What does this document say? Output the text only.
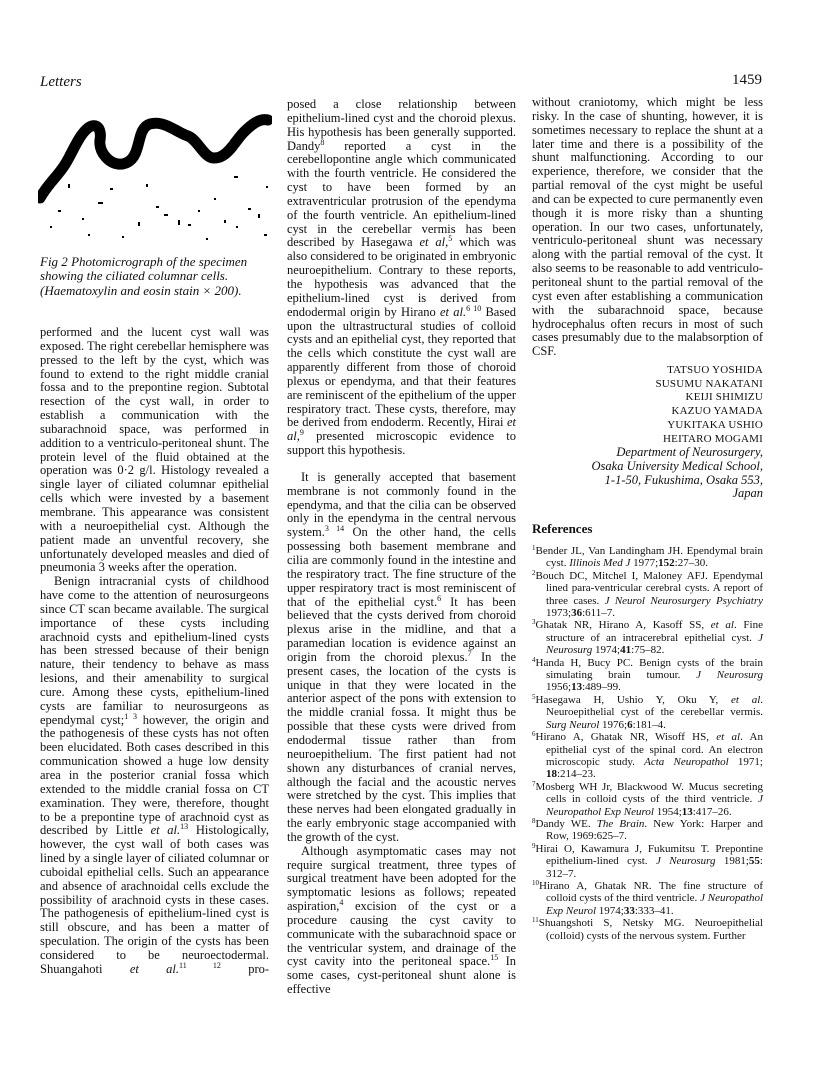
Letters	1459
Fig 2 Photomicrograph of the specimen showing the ciliated columnar cells. (Haematoxylin and eosin stain × 200).

performed and the lucent cyst wall was exposed. The right cerebellar hemisphere was pressed to the left by the cyst, which was found to extend to the right middle cranial fossa and to the prepontine region. Subtotal resection of the cyst wall, in order to establish a communication with the subarachnoid space, was performed in addition to a ventriculo-peritoneal shunt. The protein level of the fluid obtained at the operation was 0·2 g/l. Histology revealed a single layer of ciliated columnar epithelial cells which were invested by a basement membrane. This appearance was consistent with a neuroepithelial cyst. Although the patient made an unventful recovery, she unfortunately developed measles and died of pneumonia 3 weeks after the operation.

Benign intracranial cysts of childhood have come to the attention of neurosurgeons since CT scan became available. The surgical importance of these cysts including arachnoid cysts and epithelium-lined cysts has been stressed because of their benign nature, their tendency to behave as mass lesions, and their amenability to surgical cure. Among these cysts, epithelium-lined cysts are familiar to neurosurgeons as ependymal cyst;$^{1 3}$ however, the origin and the pathogenesis of these cysts has not often been elucidated. Both cases described in this communication showed a huge low density area in the posterior cranial fossa which extended to the middle cranial fossa on CT examination. They were, therefore, thought to be a prepontine type of arachnoid cyst as described by Little et al.$^{13}$ Histologically, however, the cyst wall of both cases was lined by a single layer of ciliated columnar or cuboidal epithelial cells. Such an appearance and absence of arachnoidal cells exclude the possibility of arachnoid cysts in these cases. The pathogenesis of epithelium-lined cyst is still obscure, and has been a matter of speculation. The origin of the cysts has been considered to be neuroectodermal. Shuangahoti et al.$^{11 12}$ pro-

posed a close relationship between epithelium-lined cyst and the choroid plexus. His hypothesis has been generally supported. Dandy$^8$ reported a cyst in the cerebellopontine angle which communicated with the fourth ventricle. He considered the cyst to have been formed by an extraventricular protrusion of the ependyma of the fourth ventricle. An epithelium-lined cyst in the cerebellar vermis has been described by Hasegawa et al,$^5$ which was also considered to be originated in embryonic neuroepithelium. Contrary to these reports, the hypothesis was advanced that the epithelium-lined cyst is derived from endodermal origin by Hirano et al.$^{6 10}$ Based upon the ultrastructural studies of colloid cysts and an epithelial cyst, they reported that the cells which constitute the cyst wall are apparently different from those of choroid plexus or ependyma, and that their features are reminiscent of the epithelium of the upper respiratory tract. These cysts, therefore, may be derived from endoderm. Recently, Hirai et al,$^9$ presented microscopic evidence to support this hypothesis.

It is generally accepted that basement membrane is not commonly found in the ependyma, and that the cilia can be observed only in the ependyma in the central nervous system.$^{3 14}$ On the other hand, the cells possessing both basement membrane and cilia are commonly found in the intestine and the respiratory tract. The fine structure of the upper respiratory tract is most reminiscent of that of the epithelial cyst.$^6$ It has been believed that the cysts derived from choroid plexus arise in the midline, and that a paramedian location is evidence against an origin from the choroid plexus.$^7$ In the present cases, the location of the cysts is unique in that they were located in the anterior aspect of the pons with extension to the middle cranial fossa. It might thus be possible that these cysts were drived from endodermal tissue rather than from neuroepithelium. The first patient had not shown any disturbances of cranial nerves, although the facial and the acoustic nerves were stretched by the cyst. This implies that these nerves had been elongated gradually in the early embryonic stage accompanied with the growth of the cyst.

Although asymptomatic cases may not require surgical treatment, three types of surgical treatment have been adopted for the symptomatic lesions as follows; repeated aspiration,$^4$ excision of the cyst or a procedure causing the cyst cavity to communicate with the subarachnoid space or the ventricular system, and drainage of the cyst cavity into the peritoneal space.$^{15}$ In some cases, cyst-peritoneal shunt alone is effective

without craniotomy, which might be less risky. In the case of shunting, however, it is sometimes necessary to replace the shunt at a later time and there is a possibility of the shunt malfunctioning. According to our experience, therefore, we consider that the partial removal of the cyst might be useful and can be expected to cure permanently even though it is more risky than a shunting operation. In our two cases, unfortunately, ventriculo-peritoneal shunt was necessary along with the partial removal of the cyst. It also seems to be reasonable to add ventriculo-peritoneal shunt to the partial removal of the cyst even after establishing a communication with the subarachnoid space, because hydrocephalus often recurs in most of such cases presumably due to the malabsorption of CSF.

TATSUO YOSHIDA
SUSUMU NAKATANI
KEIJI SHIMIZU
KAZUO YAMADA
YUKITAKA USHIO
HEITARO MOGAMI
Department of Neurosurgery,
Osaka University Medical School,
1-1-50, Fukushima, Osaka 553,
Japan
References

$^1$Bender JL, Van Landingham JH. Ependymal brain cyst. Illinois Med J 1977;152:27–30.

$^2$Bouch DC, Mitchel I, Maloney AFJ. Ependymal lined para-ventricular cerebral cysts. A report of three cases. J Neurol Neurosurgery Psychiatry 1973;36:611–7.

$^3$Ghatak NR, Hirano A, Kasoff SS, et al. Fine structure of an intracerebral epithelial cyst. J Neurosurg 1974;41:75–82.

$^4$Handa H, Bucy PC. Benign cysts of the brain simulating brain tumour. J Neurosurg 1956;13:489–99.

$^5$Hasegawa H, Ushio Y, Oku Y, et al. Neuroepithelial cyst of the cerebellar vermis. Surg Neurol 1976;6:181–4.

$^6$Hirano A, Ghatak NR, Wisoff HS, et al. An epithelial cyst of the spinal cord. An electron microscopic study. Acta Neuropathol 1971; 18:214–23.

$^7$Mosberg WH Jr, Blackwood W. Mucus secreting cells in colloid cysts of the third ventricle. J Neuropathol Exp Neurol 1954;13:417–26.

$^8$Dandy WE. The Brain. New York: Harper and Row, 1969:625–7.

$^9$Hirai O, Kawamura J, Fukumitsu T. Prepontine epithelium-lined cyst. J Neurosurg 1981;55: 312–7.

$^{10}$Hirano A, Ghatak NR. The fine structure of colloid cysts of the third ventricle. J Neuropathol Exp Neurol 1974;33:333–41.

$^{11}$Shuangshoti S, Netsky MG. Neuroepithelial (colloid) cysts of the nervous system. Further
